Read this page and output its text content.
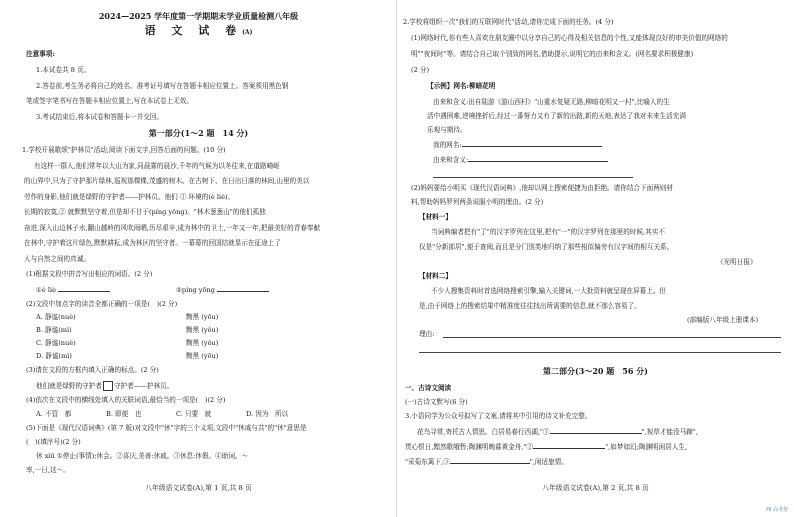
2024—2025 学年度第一学期期末学业质量检测八年级
语 文 试 卷(A)
注意事项:
1.本试卷共 8 页。
2.答卷前,考生务必将自己的姓名、准考证号填写在答题卡相应位置上。答案须用黑色钢
笔或签字笔书写在答题卡相应位置上,写在本试卷上无效。
3.考试结束后,将本试卷和答题卡一并交回。
第一部分(1～2 题　14 分)
1.学校开展歌颂"护林员"活动,阅读下面文字,回答后面的问题。(10 分)
有这样一群人,他们常年以大山为家,同晨雾的晨沙,千年的气候为以冬往来,在道路崎岖
的山界中,只为了守护那片绿林,巡视那棵棵,茂盛的树木。在古树下、在日出日落的林间,山里的美以
劳作的身影,他们就是绿野的守护者——护林员。他们 ① 环境的(è liè)、
长期的寂寞,② 就默默坚守着,但是却不甘于(píng yōng)。"林木葱葱山"的他们孤独
奋进,深入山边林子水,翻山越岭的风吹雨晒,历尽艰辛,成为林中的卫士,一年又一年,把最美好的青春奉献
在林中,守护着这片绿色,默默耕耘,成为林区的坚守者。一幕幕的回国结就显示在征途上了
人与自然之间的真诚。
(1)根据文段中拼音写出相应的词语。(2 分)
①è liè	②píng yōng
(2)文段中加点字的读音全都正确的一项是(　)(2 分)
A. 静谧(nuè)	黝黑 (yōu)
B. 静谧(mì)	黝黑 (yǒu)
C. 静谧(nuè)	黝黑 (yǒu)
D. 静谧(mì)	黝黑 (yōu)
(3)请在文段的方框内填入正确的标点。(2 分)
他们就是绿野的守护者 守护者——护林员。
(4)依次在文段中的横线处填入的关联词语,最恰当的一项是(　)(2 分)
A. 不管　都	B. 即便　也	C. 只要　就	D. 因为　所以
(5)下面是《现代汉语词典》(第 7 版)对文段中"休"字的三个义项,文段中"休戚与共"的"休"意思是
(　)(填序号)(2 分)
休 xiū ①停止(事情);休会。②喜庆,美善:休戚。③休息:休假。④助词。～
率,一日,这～。
八年级语文试卷(A),第 1 页,共 8 页
2.学校将组织一次"我们的互联网时代"活动,请你完成下面的任务。(4 分)
(1)网络时代,你有些人喜欢在朋友圈中以分享自己的心得及相关信息的个性,又能体现良好的审美价值的网络的
明""夜间时"等。请结合自己取个别致的网名,借助提示,说明它的由来和含义。(网名要求积极健康)
(2 分)
【示例】网名:柳暗花明
由来和含义:出自陆游《游山西村》"山重水复疑无路,柳暗花明又一村",比喻人的生
活中遇困难,逆境挫折后,经过一番努力又有了新的出路,新的天地,表达了我对未来生活充满
乐观与期待。
我的网名:
由来和含义:
(2)妈妈要给小明买《现代汉语词典》,他却以网上搜索便捷为由拒绝。请你结合下面两则材
料,帮助妈妈罗列两条说服小明的理由。(2 分)
【材料一】
当词典编者把有"了"的汉字罗列在这里,把有"一"的汉字罗列在那里的时候,其实不
仅是"分新部居",便于查阅,而且是分门别类地归纳了那些相似偏旁有汉字间的相互关系。
《光明日报》
【材料二】
不少人搜集资料时首选网络搜索引擎,输入关键词,一大批资料就呈现在屏幕上。但
是,由于网络上的搜索结果中精准度往往找出所需要的信息,就不那么容易了。
(部编版八年级上册课本)
理由:
第二部分(3～20 题　56 分)
一、古诗文阅读
(一)古诗文默写(6 分)
3.小语同学为公众号拟写了文案,请将其中引用的诗文补充完整。
花鸟寻常,寄托古人情思。白居易春行西湖,"①	",视草才能没马蹄",
贯心恨日,黯然歌哦暂;陶渊明晚暮黄金舟,"②	",如梦如幻;陶渊明闲居人生,
"采菊东篱下,③	",闲适旅情。
八年级语文试卷(A),第 2 页,共 8 页
Hi 高考帮
